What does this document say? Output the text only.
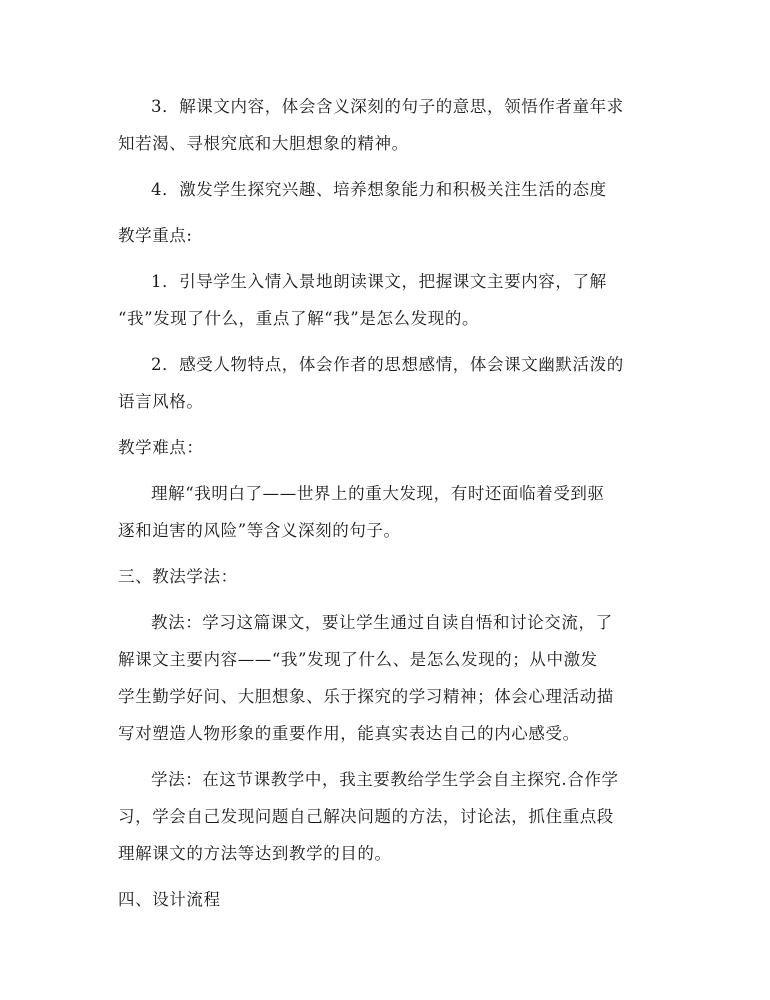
3．解课文内容，体会含义深刻的句子的意思，领悟作者童年求
知若渴、寻根究底和大胆想象的精神。
4．激发学生探究兴趣、培养想象能力和积极关注生活的态度
教学重点:
1．引导学生入情入景地朗读课文，把握课文主要内容，了解
“我”发现了什么，重点了解“我”是怎么发现的。
2．感受人物特点，体会作者的思想感情，体会课文幽默活泼的
语言风格。
教学难点：
理解“我明白了——世界上的重大发现，有时还面临着受到驱
逐和迫害的风险”等含义深刻的句子。
三、教法学法：
教法：学习这篇课文，要让学生通过自读自悟和讨论交流，了
解课文主要内容——“我”发现了什么、是怎么发现的；从中激发
学生勤学好问、大胆想象、乐于探究的学习精神；体会心理活动描
写对塑造人物形象的重要作用，能真实表达自己的内心感受。
学法：在这节课教学中，我主要教给学生学会自主探究.合作学
习，学会自己发现问题自己解决问题的方法，讨论法，抓住重点段
理解课文的方法等达到教学的目的。
四、设计流程
